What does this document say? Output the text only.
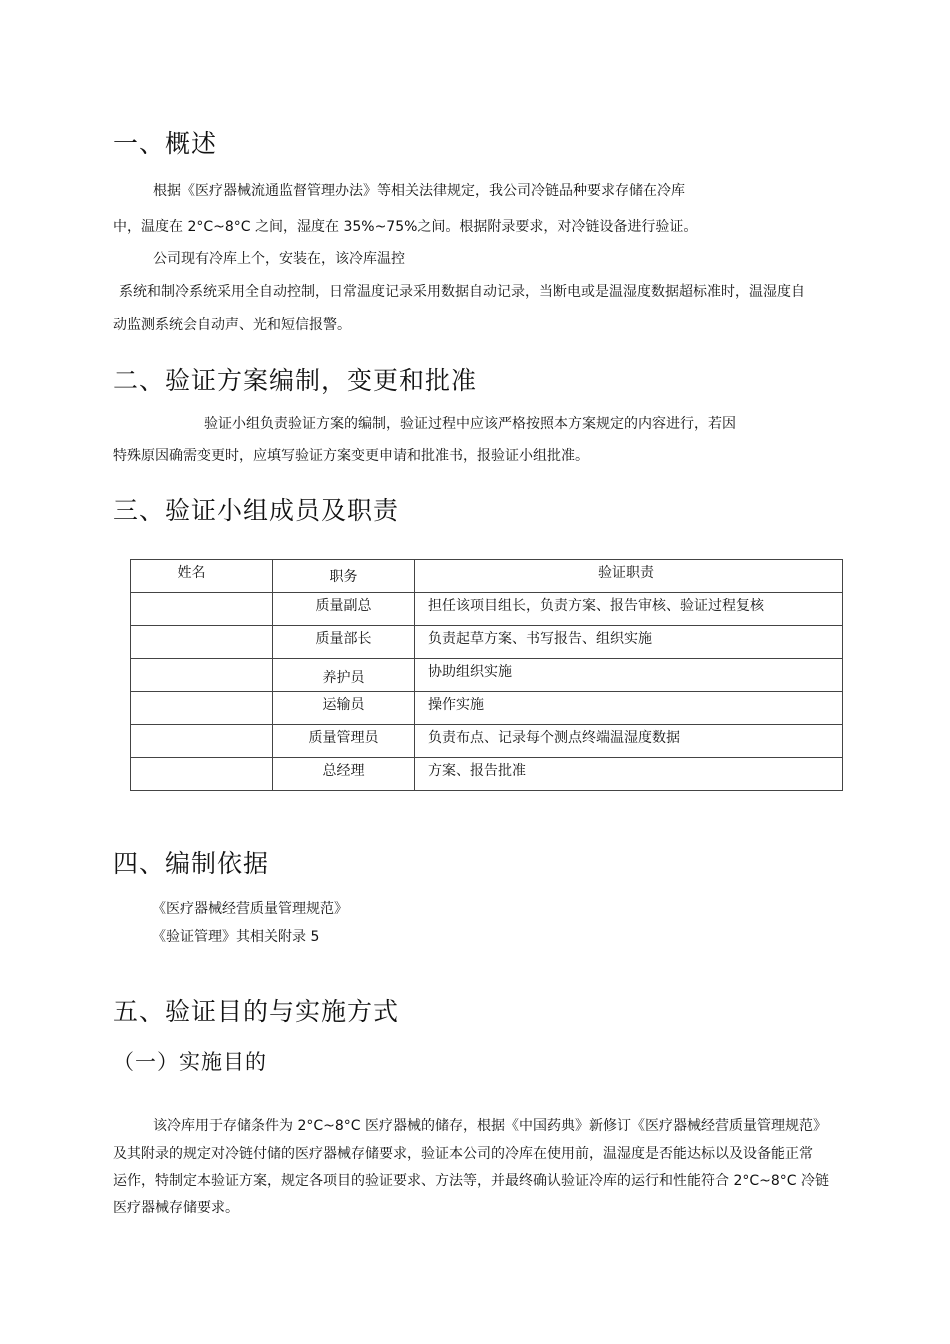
一、概述
根据《医疗器械流通监督管理办法》等相关法律规定，我公司冷链品种要求存储在冷库
中，温度在 2°C~8°C 之间，湿度在 35%~75%之间。根据附录要求，对冷链设备进行验证。
公司现有冷库上个，安装在，该冷库温控
系统和制冷系统采用全自动控制，日常温度记录采用数据自动记录，当断电或是温湿度数据超标准时，温湿度自
动监测系统会自动声、光和短信报警。
二、验证方案编制，变更和批准
验证小组负责验证方案的编制，验证过程中应该严格按照本方案规定的内容进行，若因
特殊原因确需变更时，应填写验证方案变更申请和批准书，报验证小组批准。
三、验证小组成员及职责
姓名	职务	验证职责

	质量副总	担任该项目组长，负责方案、报告审核、验证过程复核

	质量部长	负责起草方案、书写报告、组织实施

	养护员	协助组织实施

	运输员	操作实施

	质量管理员	负责布点、记录每个测点终端温湿度数据

	总经理	方案、报告批准
四、编制依据
《医疗器械经营质量管理规范》
《验证管理》其相关附录 5
五、验证目的与实施方式
（一）实施目的
该冷库用于存储条件为 2°C~8°C 医疗器械的储存，根据《中国药典》新修订《医疗器械经营质量管理规范》
及其附录的规定对冷链付储的医疗器械存储要求，验证本公司的冷库在使用前，温湿度是否能达标以及设备能正常
运作，特制定本验证方案，规定各项目的验证要求、方法等，并最终确认验证冷库的运行和性能符合 2°C~8°C 冷链
医疗器械存储要求。
